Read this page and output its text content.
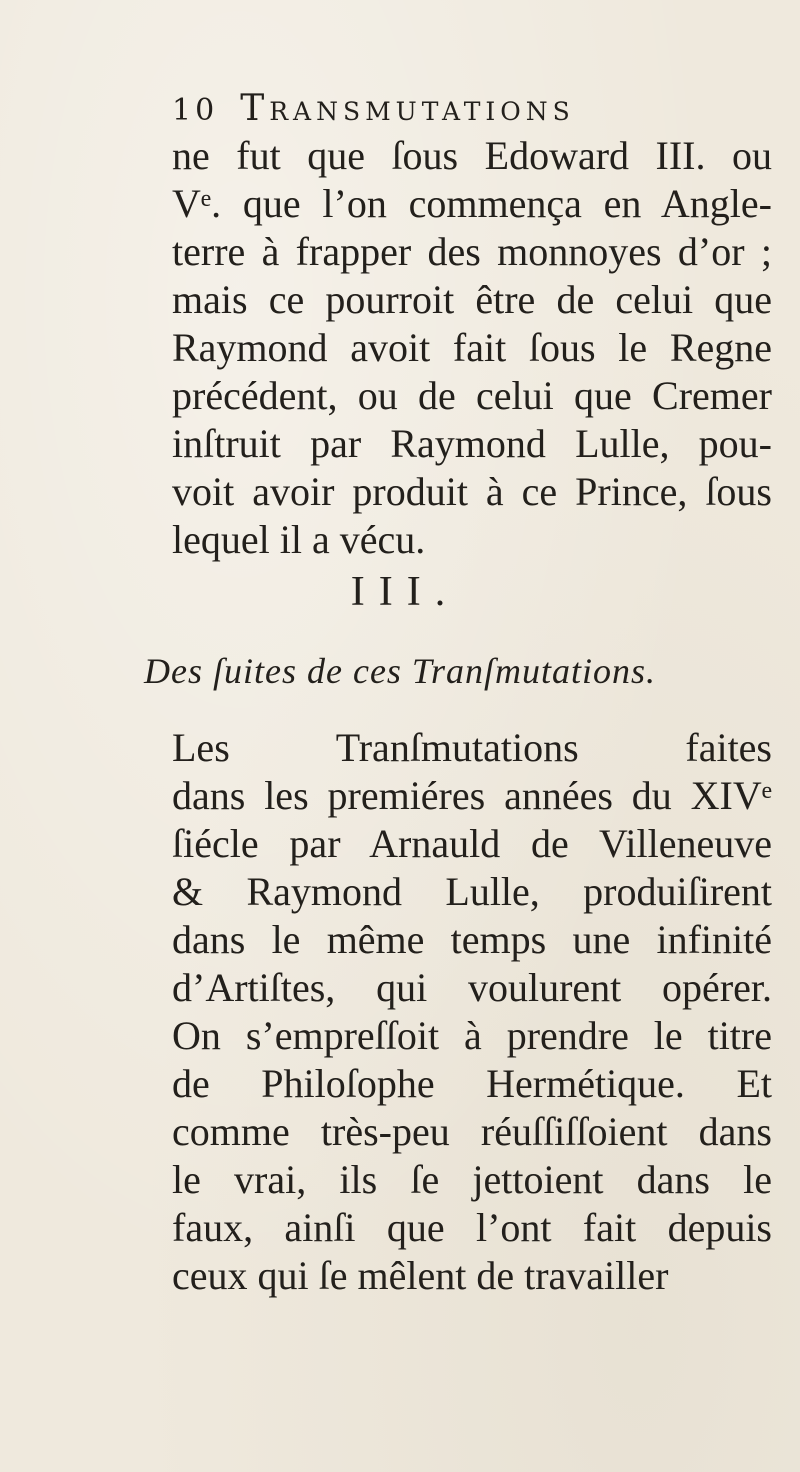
10 Transmutations
ne fut que ſous Edoward III. ou
Vᵉ. que l’on commença en Angle-
terre à frapper des monnoyes d’or ;
mais ce pourroit être de celui que
Raymond avoit fait ſous le Regne
précédent, ou de celui que Cremer
inſtruit par Raymond Lulle, pou-
voit avoir produit à ce Prince, ſous
lequel il a vécu.
III.
Des ſuites de ces Tranſmutations.
Les Tranſmutations faites
dans les premiéres années du XIVᵉ
ſiécle par Arnauld de Villeneuve
& Raymond Lulle, produiſirent
dans le même temps une infinité
d’Artiſtes, qui voulurent opérer.
On s’empreſſoit à prendre le titre
de Philoſophe Hermétique. Et
comme très-peu réuſſiſſoient dans
le vrai, ils ſe jettoient dans le
faux, ainſi que l’ont fait depuis
ceux qui ſe mêlent de travailler
